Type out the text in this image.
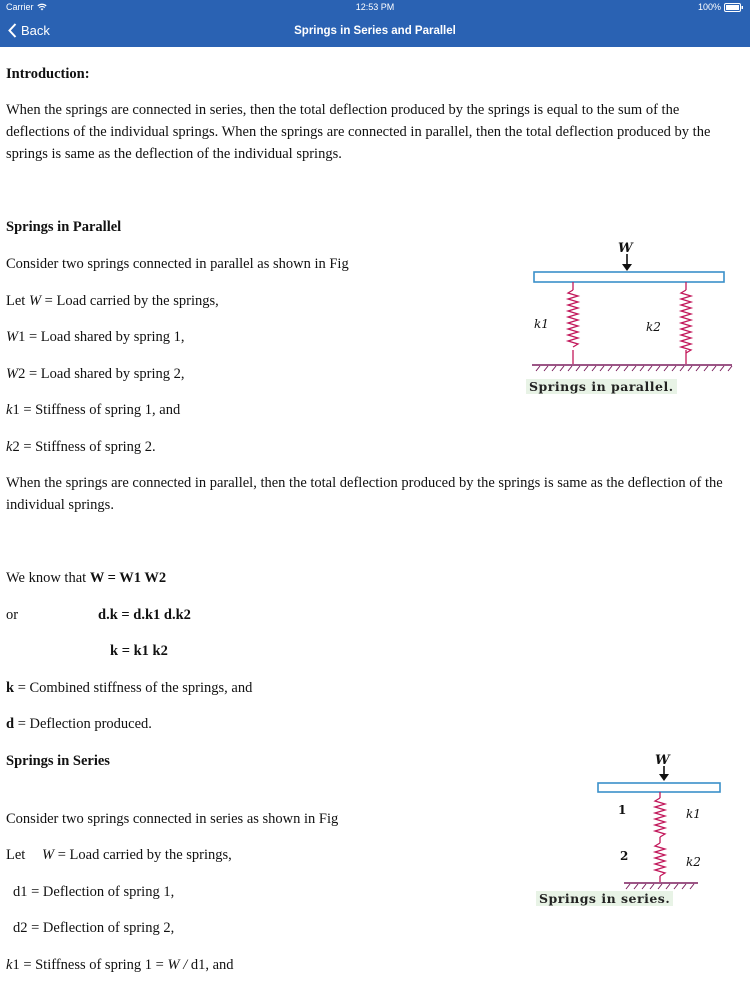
Carrier	12:53 PM	100%
Back	Springs in Series and Parallel

Introduction:

When the springs are connected in series, then the total deflection produced by the springs is equal to the sum of the deflections of the individual springs. When the springs are connected in parallel, then the total deflection produced by the springs is same as the deflection of the individual springs.

Springs in Parallel

Consider two springs connected in parallel as shown in Fig

Let W = Load carried by the springs,

W1 = Load shared by spring 1,

W2 = Load shared by spring 2,

k1 = Stiffness of spring 1, and

k2 = Stiffness of spring 2.

When the springs are connected in parallel, then the total deflection produced by the springs is same as the deflection of the individual springs.

We know that W = W1 W2

or	d.k = d.k1 d.k2

k = k1 k2

k = Combined stiffness of the springs, and

d = Deflection produced.

Springs in Series

Consider two springs connected in series as shown in Fig

LetW = Load carried by the springs,

d1 = Deflection of spring 1,

d2 = Deflection of spring 2,

k1 = Stiffness of spring 1 = W / d1, and

W
k1	k2
Springs in parallel.
W
1
2
k1
k2
Springs in series.
